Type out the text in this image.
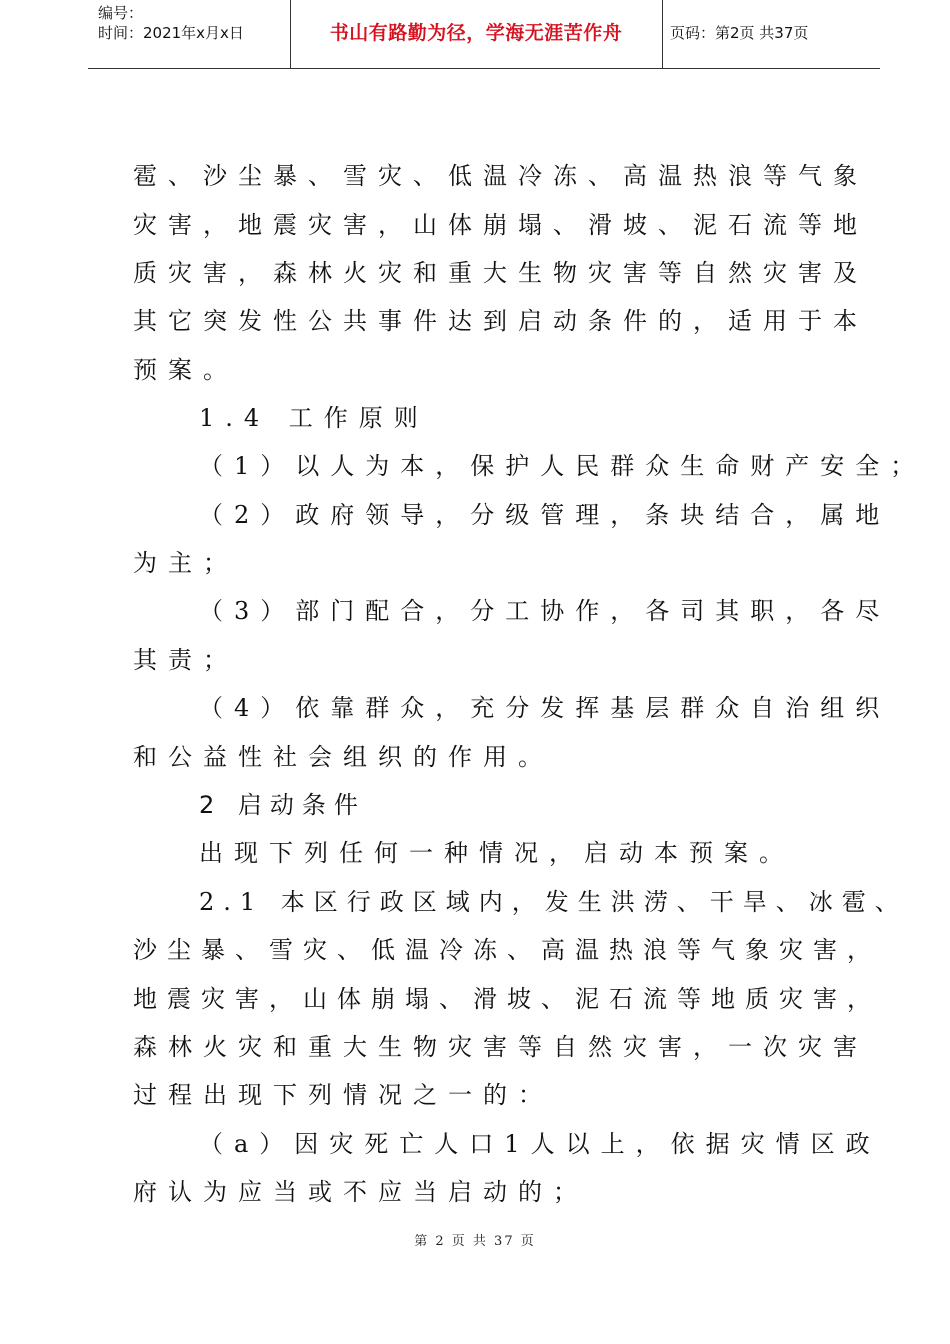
编号：
时间：2021年x月x日	书山有路勤为径，学海无涯苦作舟	页码：第2页 共37页

雹、沙尘暴、雪灾、低温冷冻、高温热浪等气象

灾害，地震灾害，山体崩塌、滑坡、泥石流等地

质灾害，森林火灾和重大生物灾害等自然灾害及

其它突发性公共事件达到启动条件的，适用于本

预案。

1.4 工作原则

（1）以人为本，保护人民群众生命财产安全；

（2）政府领导，分级管理，条块结合，属地

为主；

（3）部门配合，分工协作，各司其职，各尽

其责；

（4）依靠群众，充分发挥基层群众自治组织

和公益性社会组织的作用。

2 启动条件

出现下列任何一种情况，启动本预案。

2.1 本区行政区域内，发生洪涝、干旱、冰雹、

沙尘暴、雪灾、低温冷冻、高温热浪等气象灾害，

地震灾害，山体崩塌、滑坡、泥石流等地质灾害，

森林火灾和重大生物灾害等自然灾害，一次灾害

过程出现下列情况之一的：

（a）因灾死亡人口1人以上，依据灾情区政

府认为应当或不应当启动的；

第 2 页 共 37 页
